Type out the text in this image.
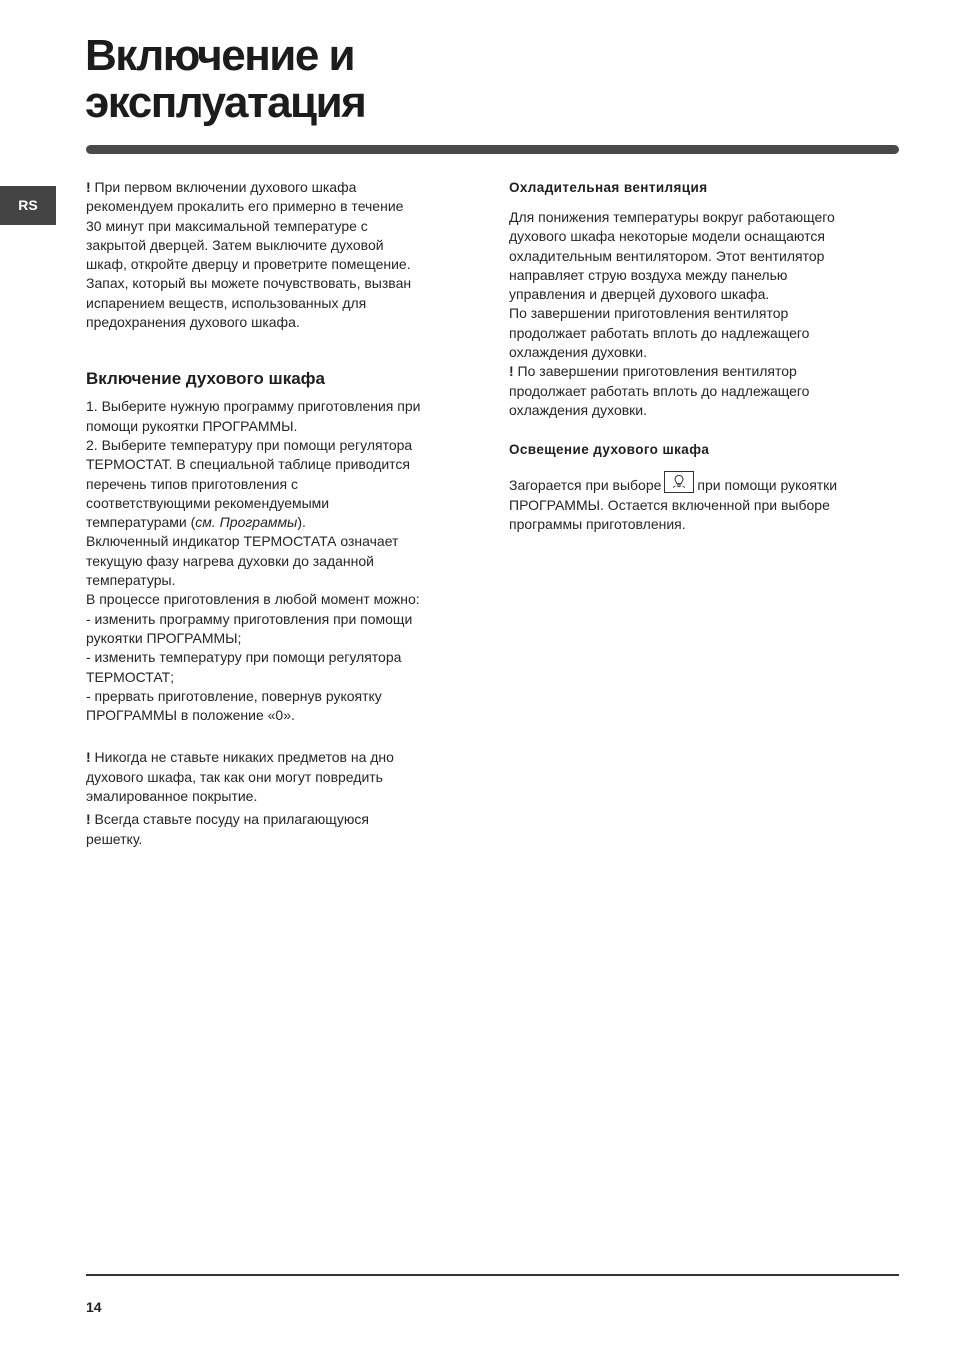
Включение и
эксплуатация
RS

! При первом включении духового шкафа
рекомендуем прокалить его примерно в течение
30 минут при максимальной температуре с
закрытой дверцей. Затем выключите духовой
шкаф, откройте дверцу и проветрите помещение.
Запах, который вы можете почувствовать, вызван
испарением веществ, использованных для
предохранения духового шкафа.

Включение духового шкафа

1. Выберите нужную программу приготовления при
помощи рукоятки ПРОГРАММЫ.
2. Выберите температуру при помощи регулятора
ТЕРМОСТАТ. В специальной таблице приводится
перечень типов приготовления с
соответствующими рекомендуемыми
температурами (см. Программы).
Включенный индикатор ТЕРМОСТАТА означает
текущую фазу нагрева духовки до заданной
температуры.
В процессе приготовления в любой момент можно:
- изменить программу приготовления при помощи
рукоятки ПРОГРАММЫ;
- изменить температуру при помощи регулятора
ТЕРМОСТАТ;
- прервать приготовление, повернув рукоятку
ПРОГРАММЫ в положение «0».

! Никогда не ставьте никаких предметов на дно
духового шкафа, так как они могут повредить
эмалированное покрытие.

! Всегда ставьте посуду на прилагающуюся
решетку.

Охладительная вентиляция

Для понижения температуры вокруг работающего
духового шкафа некоторые модели оснащаются
охладительным вентилятором. Этот вентилятор
направляет струю воздуха между панелью
управления и дверцей духового шкафа.
По завершении приготовления вентилятор
продолжает работать вплоть до надлежащего
охлаждения духовки.
! По завершении приготовления вентилятор
продолжает работать вплоть до надлежащего
охлаждения духовки.

Освещение духового шкафа

Загорается при выборе	при помощи рукоятки
ПРОГРАММЫ. Остается включенной при выборе
программы приготовления.

14
